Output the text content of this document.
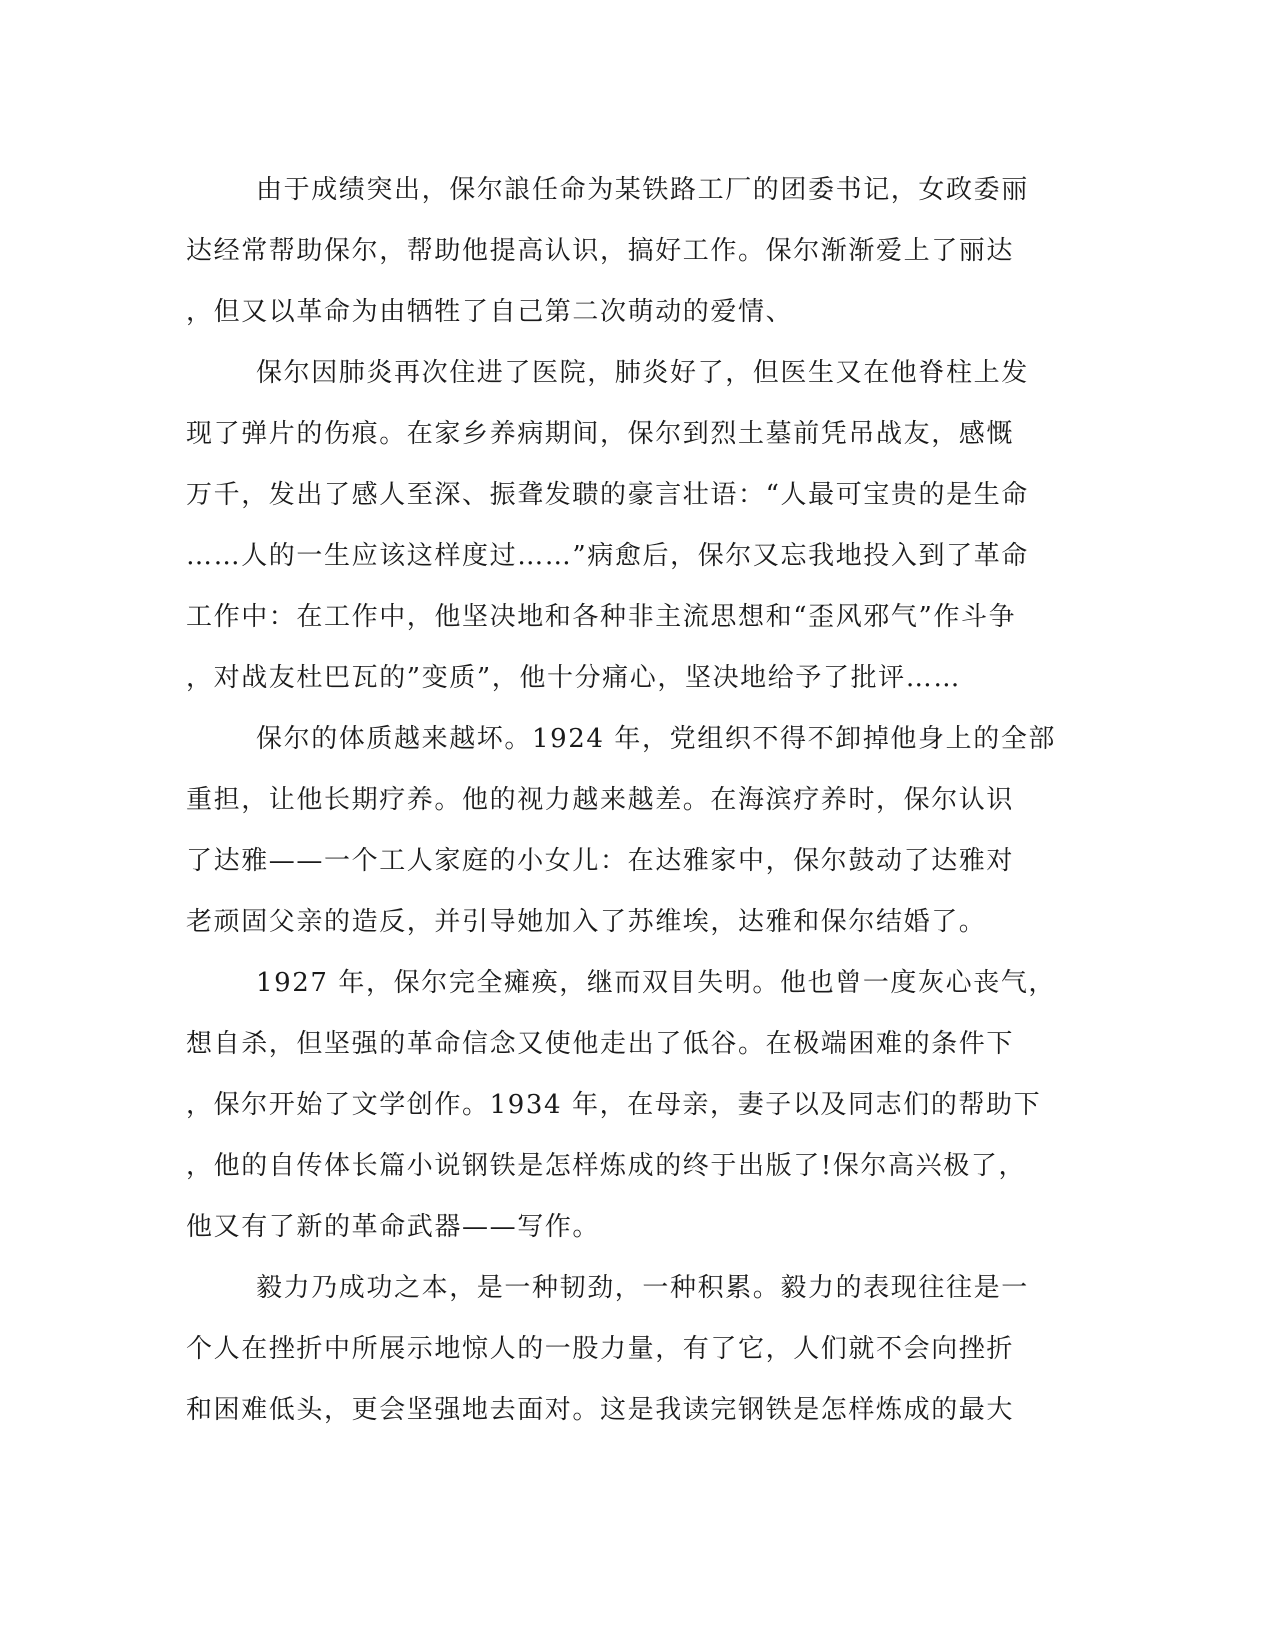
由于成绩突出，保尔誏任命为某铁路工厂的团委书记，女政委丽
达经常帮助保尔，帮助他提高认识，搞好工作。保尔渐渐爱上了丽达
，但又以革命为由牺牲了自己第二次萌动的爱情、
保尔因肺炎再次住进了医院，肺炎好了，但医生又在他脊柱上发
现了弹片的伤痕。在家乡养病期间，保尔到烈土墓前凭吊战友，感慨
万千，发出了感人至深、振聋发聩的豪言壮语：“人最可宝贵的是生命
……人的一生应该这样度过……”病愈后，保尔又忘我地投入到了革命
工作中：在工作中，他坚决地和各种非主流思想和“歪风邪气”作斗争
，对战友杜巴瓦的”变质”，他十分痛心，坚决地给予了批评……
保尔的体质越来越坏。1924 年，党组织不得不卸掉他身上的全部
重担，让他长期疗养。他的视力越来越差。在海滨疗养时，保尔认识
了达雅——一个工人家庭的小女儿：在达雅家中，保尔鼓动了达雅对
老顽固父亲的造反，并引导她加入了苏维埃，达雅和保尔结婚了。
1927 年，保尔完全瘫痪，继而双目失明。他也曾一度灰心丧气，
想自杀，但坚强的革命信念又使他走出了低谷。在极端困难的条件下
，保尔开始了文学创作。1934 年，在母亲，妻子以及同志们的帮助下
，他的自传体长篇小说钢铁是怎样炼成的终于出版了!保尔高兴极了，
他又有了新的革命武器——写作。
毅力乃成功之本，是一种韧劲，一种积累。毅力的表现往往是一
个人在挫折中所展示地惊人的一股力量，有了它，人们就不会向挫折
和困难低头，更会坚强地去面对。这是我读完钢铁是怎样炼成的最大
